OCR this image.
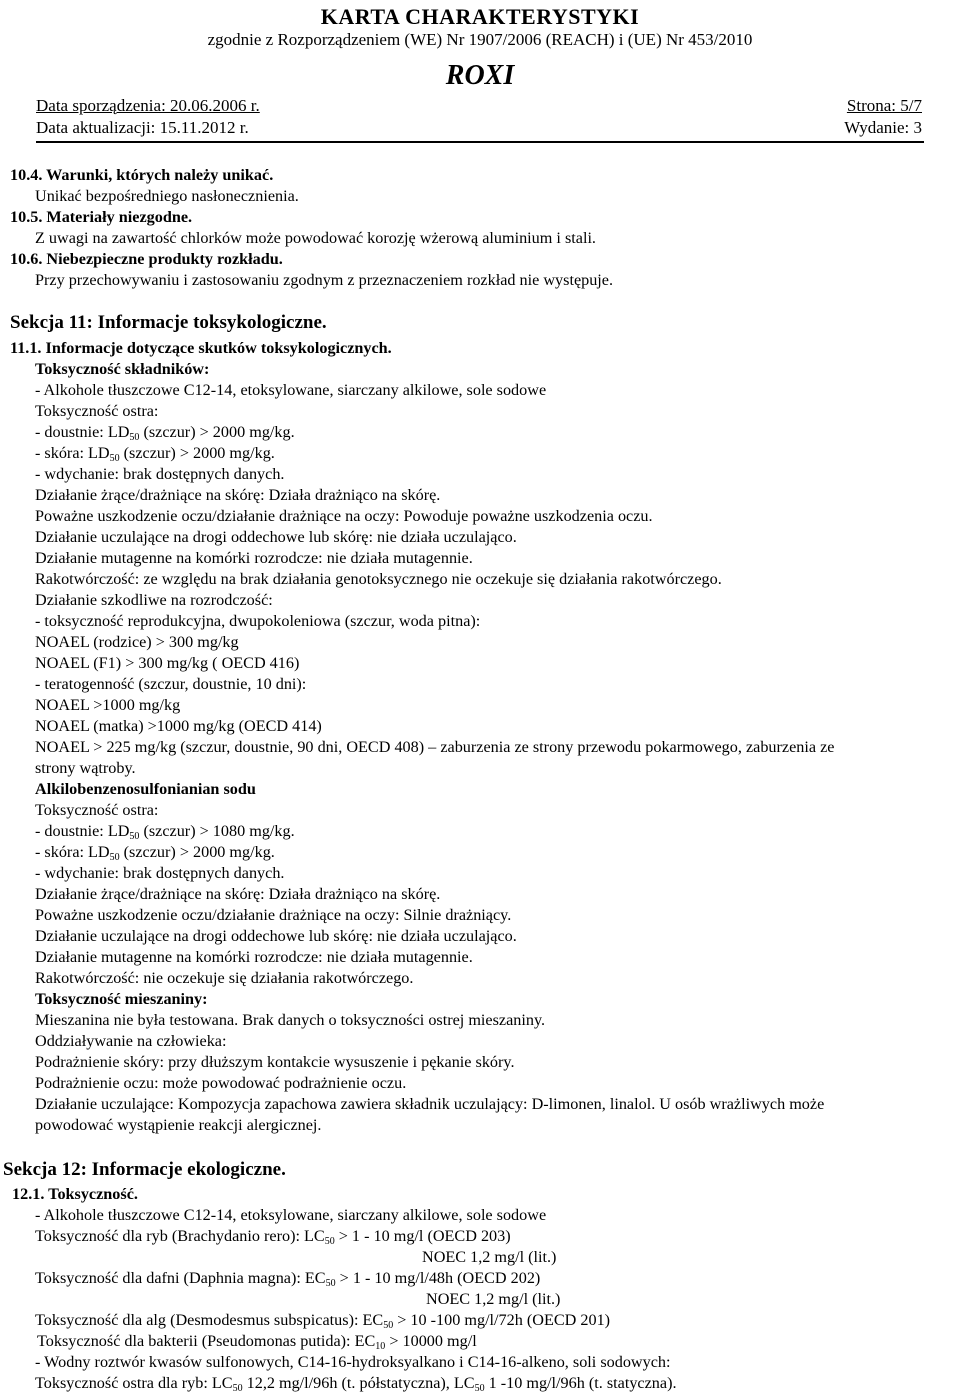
KARTA CHARAKTERYSTYKI
zgodnie z Rozporządzeniem (WE) Nr 1907/2006 (REACH) i (UE) Nr 453/2010
ROXI
Data sporządzenia: 20.06.2006 r.
Data aktualizacji: 15.11.2012 r.
Strona: 5/7
Wydanie: 3
10.4. Warunki, których należy unikać.
Unikać bezpośredniego nasłonecznienia.
10.5. Materiały niezgodne.
Z uwagi na zawartość chlorków może powodować korozję wżerową aluminium i stali.
10.6. Niebezpieczne produkty rozkładu.
Przy przechowywaniu i zastosowaniu zgodnym z przeznaczeniem rozkład nie występuje.
Sekcja 11: Informacje toksykologiczne.
11.1. Informacje dotyczące skutków toksykologicznych.
Toksyczność składników:
- Alkohole tłuszczowe C12-14, etoksylowane, siarczany alkilowe, sole sodowe
Toksyczność ostra:
- doustnie: $LD_{50}$ (szczur) > 2000 mg/kg.
- skóra: $LD_{50}$ (szczur) > 2000 mg/kg.
- wdychanie: brak dostępnych danych.
Działanie żrące/drażniące na skórę: Działa drażniąco na skórę.
Poważne uszkodzenie oczu/działanie drażniące na oczy: Powoduje poważne uszkodzenia oczu.
Działanie uczulające na drogi oddechowe lub skórę: nie działa uczulająco.
Działanie mutagenne na komórki rozrodcze: nie działa mutagennie.
Rakotwórczość: ze względu na brak działania genotoksycznego nie oczekuje się działania rakotwórczego.
Działanie szkodliwe na rozrodczość:
- toksyczność reprodukcyjna, dwupokoleniowa (szczur, woda pitna):
NOAEL (rodzice) > 300 mg/kg
NOAEL (F1) > 300 mg/kg ( OECD 416)
- teratogenność (szczur, doustnie, 10 dni):
NOAEL >1000 mg/kg
NOAEL (matka) >1000 mg/kg (OECD 414)
NOAEL > 225 mg/kg (szczur, doustnie, 90 dni, OECD 408) – zaburzenia ze strony przewodu pokarmowego, zaburzenia ze
strony wątroby.
Alkilobenzenosulfonianian sodu
Toksyczność ostra:
- doustnie: $LD_{50}$ (szczur) > 1080 mg/kg.
- skóra: $LD_{50}$ (szczur) > 2000 mg/kg.
- wdychanie: brak dostępnych danych.
Działanie żrące/drażniące na skórę: Działa drażniąco na skórę.
Poważne uszkodzenie oczu/działanie drażniące na oczy: Silnie drażniący.
Działanie uczulające na drogi oddechowe lub skórę: nie działa uczulająco.
Działanie mutagenne na komórki rozrodcze: nie działa mutagennie.
Rakotwórczość: nie oczekuje się działania rakotwórczego.
Toksyczność mieszaniny:
Mieszanina nie była testowana. Brak danych o toksyczności ostrej mieszaniny.
Oddziaływanie na człowieka:
Podrażnienie skóry: przy dłuższym kontakcie wysuszenie i pękanie skóry.
Podrażnienie oczu: może powodować podrażnienie oczu.
Działanie uczulające: Kompozycja zapachowa zawiera składnik uczulający: D-limonen, linalol. U osób wrażliwych może
powodować wystąpienie reakcji alergicznej.
Sekcja 12: Informacje ekologiczne.
12.1. Toksyczność.
- Alkohole tłuszczowe C12-14, etoksylowane, siarczany alkilowe, sole sodowe
Toksyczność dla ryb (Brachydanio rero): $LC_{50} > 1 - 10$ mg/l (OECD 203)
NOEC 1,2 mg/l (lit.)
Toksyczność dla dafni (Daphnia magna): $EC_{50} > 1 - 10$ mg/l/48h (OECD 202)
NOEC 1,2 mg/l (lit.)
Toksyczność dla alg (Desmodesmus subspicatus): $EC_{50} > 10$ -100 mg/l/72h (OECD 201)
Toksyczność dla bakterii (Pseudomonas putida): $EC_{10} > 10000$ mg/l
- Wodny roztwór kwasów sulfonowych, C14-16-hydroksyalkano i C14-16-alkeno, soli sodowych:
Toksyczność ostra dla ryb: $LC_{50}$ 12,2 mg/l/96h (t. półstatyczna), $LC_{50}$ 1 -10 mg/l/96h (t. statyczna).
